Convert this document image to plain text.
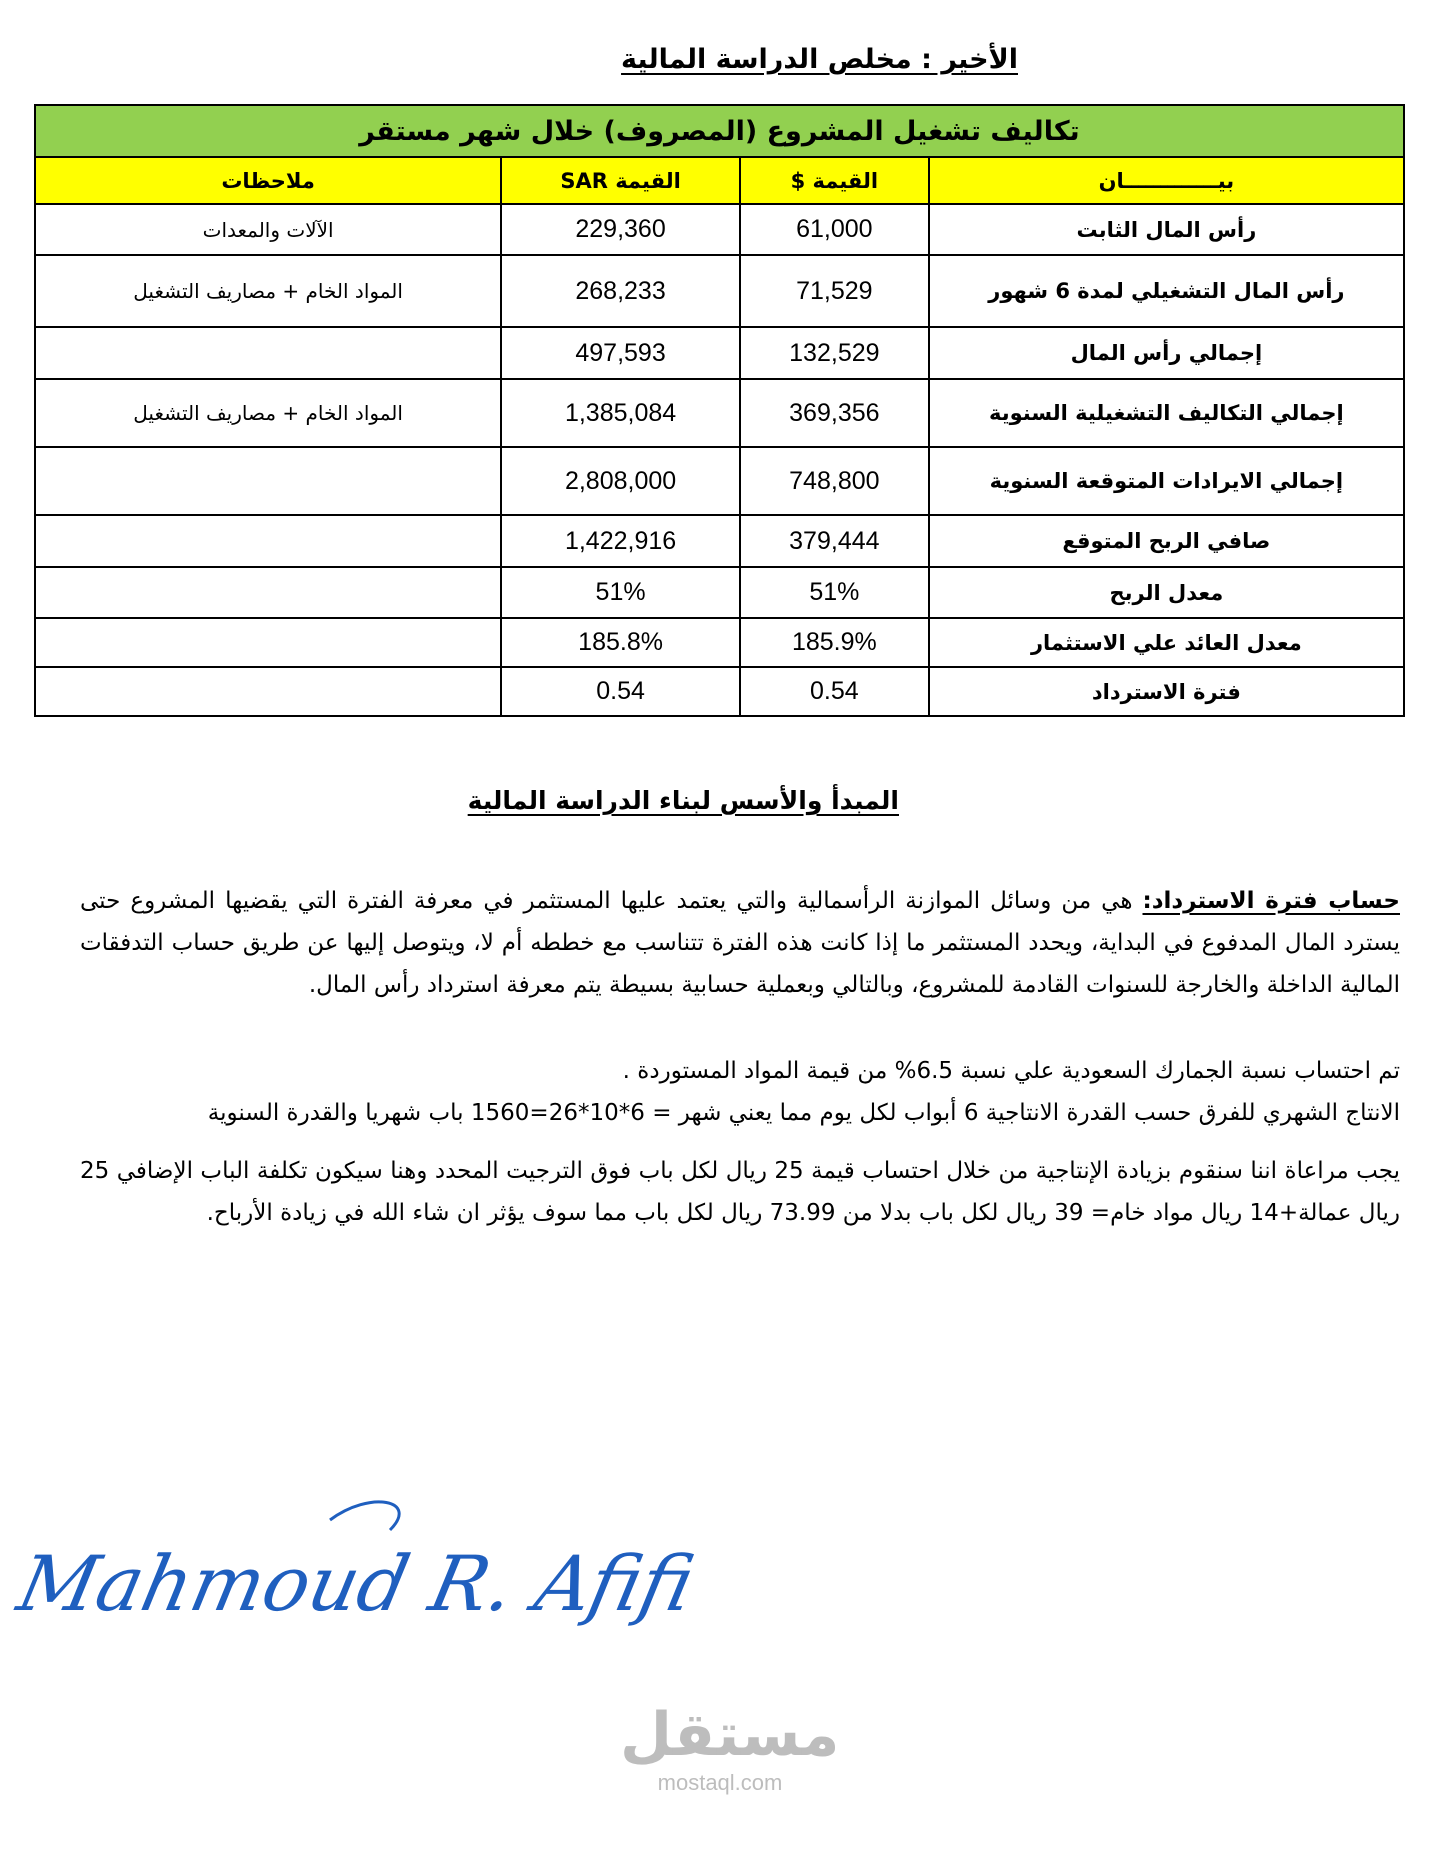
الأخير : مخلص الدراسة المالية
تكاليف تشغيل المشروع (المصروف) خلال شهر مستقر			
بيـــــــــــــان	القيمة $	القيمة SAR	ملاحظات
رأس المال الثابت	61,000	229,360	الآلات والمعدات
رأس المال التشغيلي لمدة 6 شهور	71,529	268,233	المواد الخام + مصاريف التشغيل
إجمالي رأس المال	132,529	497,593	
إجمالي التكاليف التشغيلية السنوية	369,356	1,385,084	المواد الخام + مصاريف التشغيل
إجمالي الايرادات المتوقعة السنوية	748,800	2,808,000	
صافي الربح المتوقع	379,444	1,422,916	
معدل الربح	51%	51%	
معدل العائد علي الاستثمار	185.9%	185.8%	
فترة الاسترداد	0.54	0.54	
المبدأ والأسس لبناء الدراسة المالية
حساب فترة الاسترداد: هي من وسائل الموازنة الرأسمالية والتي يعتمد عليها المستثمر في معرفة الفترة التي يقضيها المشروع حتى يسترد المال المدفوع في البداية، ويحدد المستثمر ما إذا كانت هذه الفترة تتناسب مع خططه أم لا، ويتوصل إليها عن طريق حساب التدفقات المالية الداخلة والخارجة للسنوات القادمة للمشروع، وبالتالي وبعملية حسابية بسيطة يتم معرفة استرداد رأس المال.
تم احتساب نسبة الجمارك السعودية علي نسبة 6.5% من قيمة المواد المستوردة .
الانتاج الشهري للفرق حسب القدرة الانتاجية 6 أبواب لكل يوم مما يعني شهر = 6*10*26=1560 باب شهريا والقدرة السنوية
يجب مراعاة اننا سنقوم بزيادة الإنتاجية من خلال احتساب قيمة 25 ريال لكل باب فوق الترجيت المحدد وهنا سيكون تكلفة الباب الإضافي 25 ريال عمالة+14 ريال مواد خام= 39 ريال لكل باب بدلا من 73.99 ريال لكل باب مما سوف يؤثر ان شاء الله في زيادة الأرباح.
Mahmoud R. Afifi
مستقل
mostaql.com
